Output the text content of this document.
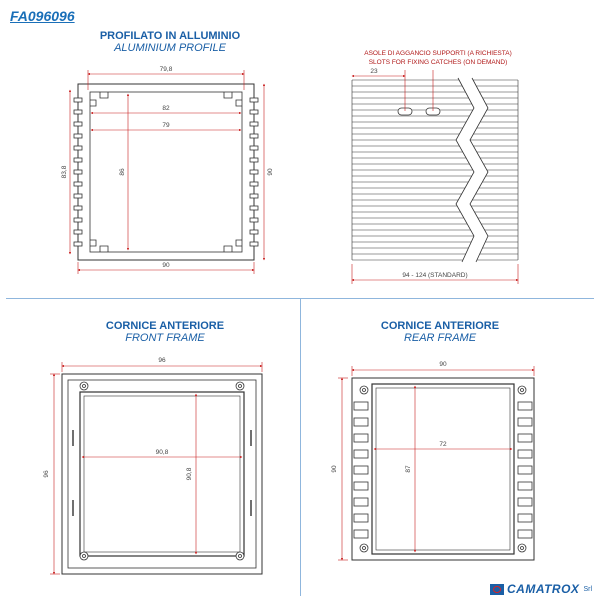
FA096096
PROFILATO IN ALLUMINIO
ALUMINIUM PROFILE
CORNICE ANTERIORE
FRONT FRAME
CORNICE ANTERIORE
REAR FRAME
79,8
82
79
90
83,8	86	90
ASOLE DI AGGANCIO SUPPORTI (A RICHIESTA)
SLOTS FOR FIXING CATCHES (ON DEMAND)
23
94 - 124 (STANDARD)
96
90,8
90,8
96
90
72
87
90
CAMATROX Srl
